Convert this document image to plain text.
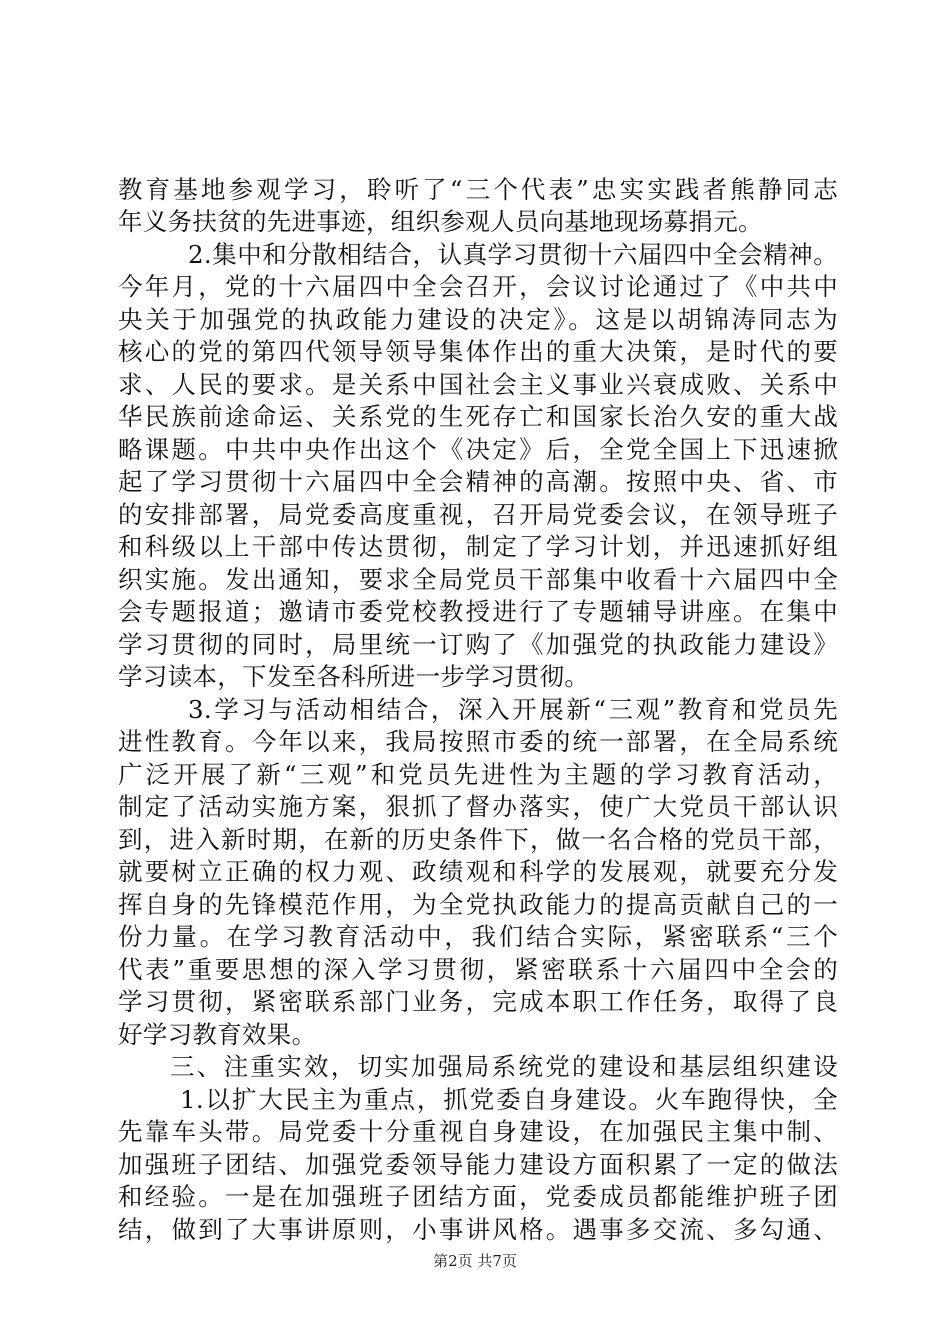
教育基地参观学习，聆听了“三个代表”忠实实践者熊静同志
年义务扶贫的先进事迹，组织参观人员向基地现场募捐元。
2.集中和分散相结合，认真学习贯彻十六届四中全会精神。
今年月，党的十六届四中全会召开，会议讨论通过了《中共中
央关于加强党的执政能力建设的决定》。这是以胡锦涛同志为
核心的党的第四代领导领导集体作出的重大决策，是时代的要
求、人民的要求。是关系中国社会主义事业兴衰成败、关系中
华民族前途命运、关系党的生死存亡和国家长治久安的重大战
略课题。中共中央作出这个《决定》后，全党全国上下迅速掀
起了学习贯彻十六届四中全会精神的高潮。按照中央、省、市
的安排部署，局党委高度重视，召开局党委会议，在领导班子
和科级以上干部中传达贯彻，制定了学习计划，并迅速抓好组
织实施。发出通知，要求全局党员干部集中收看十六届四中全
会专题报道；邀请市委党校教授进行了专题辅导讲座。在集中
学习贯彻的同时，局里统一订购了《加强党的执政能力建设》
学习读本，下发至各科所进一步学习贯彻。
3.学习与活动相结合，深入开展新“三观”教育和党员先
进性教育。今年以来，我局按照市委的统一部署，在全局系统
广泛开展了新“三观”和党员先进性为主题的学习教育活动，
制定了活动实施方案，狠抓了督办落实，使广大党员干部认识
到，进入新时期，在新的历史条件下，做一名合格的党员干部，
就要树立正确的权力观、政绩观和科学的发展观，就要充分发
挥自身的先锋模范作用，为全党执政能力的提高贡献自己的一
份力量。在学习教育活动中，我们结合实际，紧密联系“三个
代表”重要思想的深入学习贯彻，紧密联系十六届四中全会的
学习贯彻，紧密联系部门业务，完成本职工作任务，取得了良
好学习教育效果。
三、注重实效，切实加强局系统党的建设和基层组织建设
1.以扩大民主为重点，抓党委自身建设。火车跑得快，全
先靠车头带。局党委十分重视自身建设，在加强民主集中制、
加强班子团结、加强党委领导能力建设方面积累了一定的做法
和经验。一是在加强班子团结方面，党委成员都能维护班子团
结，做到了大事讲原则，小事讲风格。遇事多交流、多勾通、
第2页 共7页
